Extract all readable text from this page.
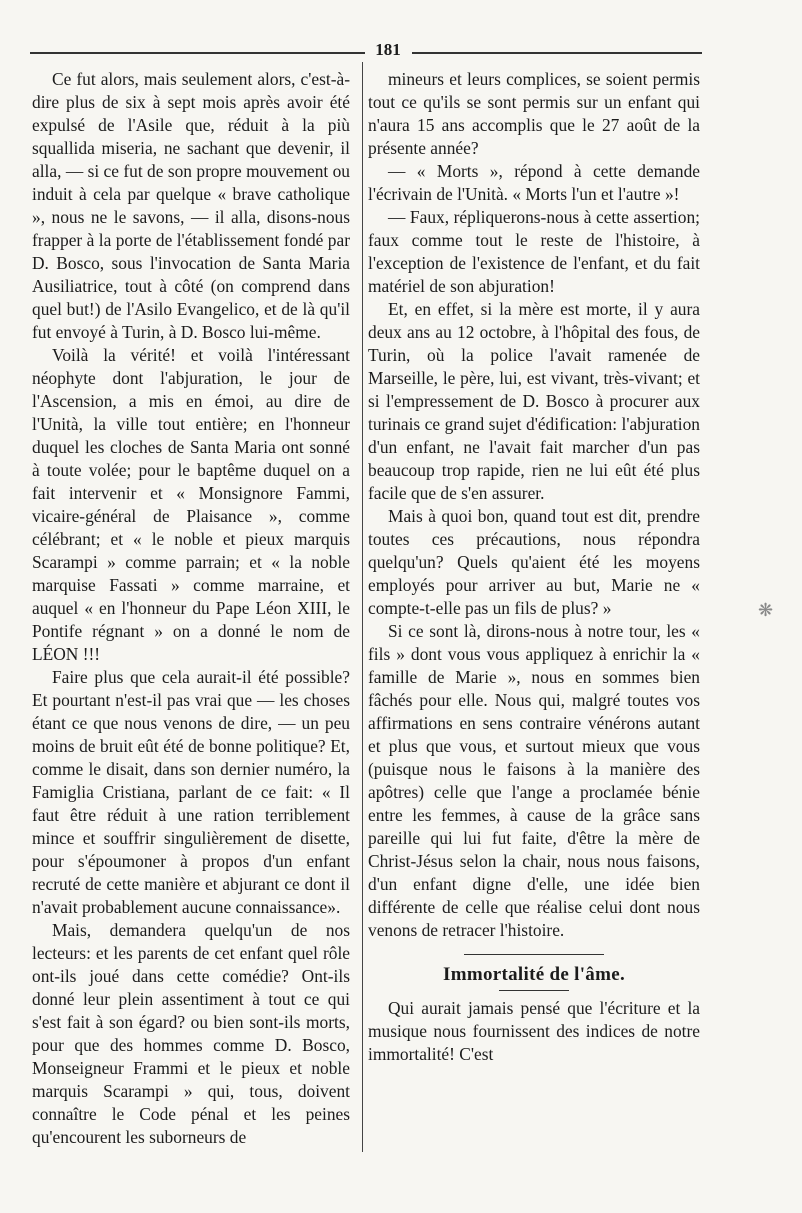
181

Ce fut alors, mais seulement alors, c'est-à-dire plus de six à sept mois après avoir été expulsé de l'Asile que, réduit à la più squallida miseria, ne sachant que devenir, il alla, — si ce fut de son propre mouvement ou induit à cela par quelque « brave catholique », nous ne le savons, — il alla, disons-nous frapper à la porte de l'établissement fondé par D. Bosco, sous l'invocation de Santa Maria Ausiliatrice, tout à côté (on comprend dans quel but!) de l'Asilo Evangelico, et de là qu'il fut envoyé à Turin, à D. Bosco lui-même.

Voilà la vérité! et voilà l'intéressant néophyte dont l'abjuration, le jour de l'Ascension, a mis en émoi, au dire de l'Unità, la ville tout entière; en l'honneur duquel les cloches de Santa Maria ont sonné à toute volée; pour le baptême duquel on a fait intervenir et « Monsignore Fammi, vicaire-général de Plaisance », comme célébrant; et « le noble et pieux marquis Scarampi » comme parrain; et « la noble marquise Fassati » comme marraine, et auquel « en l'honneur du Pape Léon XIII, le Pontife régnant » on a donné le nom de LÉON !!!

Faire plus que cela aurait-il été possible? Et pourtant n'est-il pas vrai que — les choses étant ce que nous venons de dire, — un peu moins de bruit eût été de bonne politique? Et, comme le disait, dans son dernier numéro, la Famiglia Cristiana, parlant de ce fait: « Il faut être réduit à une ration terriblement mince et souffrir singulièrement de disette, pour s'époumoner à propos d'un enfant recruté de cette manière et abjurant ce dont il n'avait probablement aucune connaissance».

Mais, demandera quelqu'un de nos lecteurs: et les parents de cet enfant quel rôle ont-ils joué dans cette comédie? Ont-ils donné leur plein assentiment à tout ce qui s'est fait à son égard? ou bien sont-ils morts, pour que des hommes comme D. Bosco, Monseigneur Frammi et le pieux et noble marquis Scarampi » qui, tous, doivent connaître le Code pénal et les peines qu'encourent les suborneurs de

mineurs et leurs complices, se soient permis tout ce qu'ils se sont permis sur un enfant qui n'aura 15 ans accomplis que le 27 août de la présente année?

— « Morts », répond à cette demande l'écrivain de l'Unità. « Morts l'un et l'autre »!

— Faux, répliquerons-nous à cette assertion; faux comme tout le reste de l'histoire, à l'exception de l'existence de l'enfant, et du fait matériel de son abjuration!

Et, en effet, si la mère est morte, il y aura deux ans au 12 octobre, à l'hôpital des fous, de Turin, où la police l'avait ramenée de Marseille, le père, lui, est vivant, très-vivant; et si l'empressement de D. Bosco à procurer aux turinais ce grand sujet d'édification: l'abjuration d'un enfant, ne l'avait fait marcher d'un pas beaucoup trop rapide, rien ne lui eût été plus facile que de s'en assurer.

Mais à quoi bon, quand tout est dit, prendre toutes ces précautions, nous répondra quelqu'un? Quels qu'aient été les moyens employés pour arriver au but, Marie ne « compte-t-elle pas un fils de plus? »

Si ce sont là, dirons-nous à notre tour, les « fils » dont vous vous appliquez à enrichir la « famille de Marie », nous en sommes bien fâchés pour elle. Nous qui, malgré toutes vos affirmations en sens contraire vénérons autant et plus que vous, et surtout mieux que vous (puisque nous le faisons à la manière des apôtres) celle que l'ange a proclamée bénie entre les femmes, à cause de la grâce sans pareille qui lui fut faite, d'être la mère de Christ-Jésus selon la chair, nous nous faisons, d'un enfant digne d'elle, une idée bien différente de celle que réalise celui dont nous venons de retracer l'histoire.

Immortalité de l'âme.

Qui aurait jamais pensé que l'écriture et la musique nous fournissent des indices de notre immortalité! C'est

❋
